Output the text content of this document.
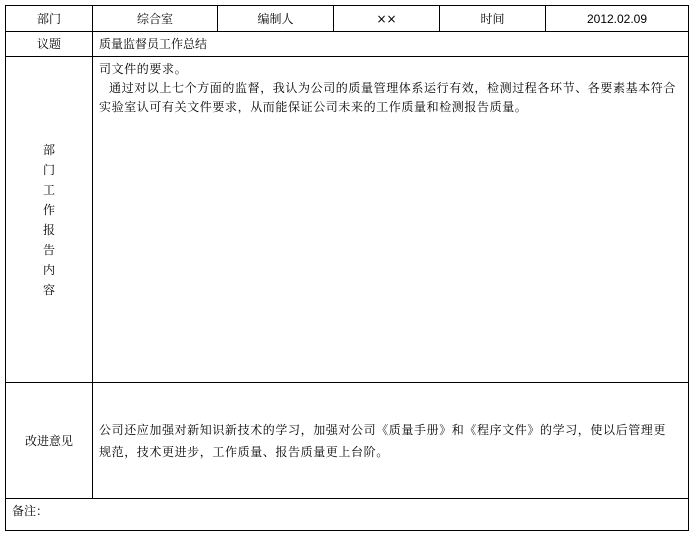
部门	综合室	编制人	××	时间	2012.02.09
议题	质量监督员工作总结				
部门工作报告内容	司文件的要求。
通过对以上七个方面的监督，我认为公司的质量管理体系运行有效，检测过程各环节、各要素基本符合实验室认可有关文件要求，从而能保证公司未来的工作质量和检测报告质量。				

改进意见	公司还应加强对新知识新技术的学习，加强对公司《质量手册》和《程序文件》的学习，使以后管理更规范，技术更进步，工作质量、报告质量更上台阶。				

备注：					
